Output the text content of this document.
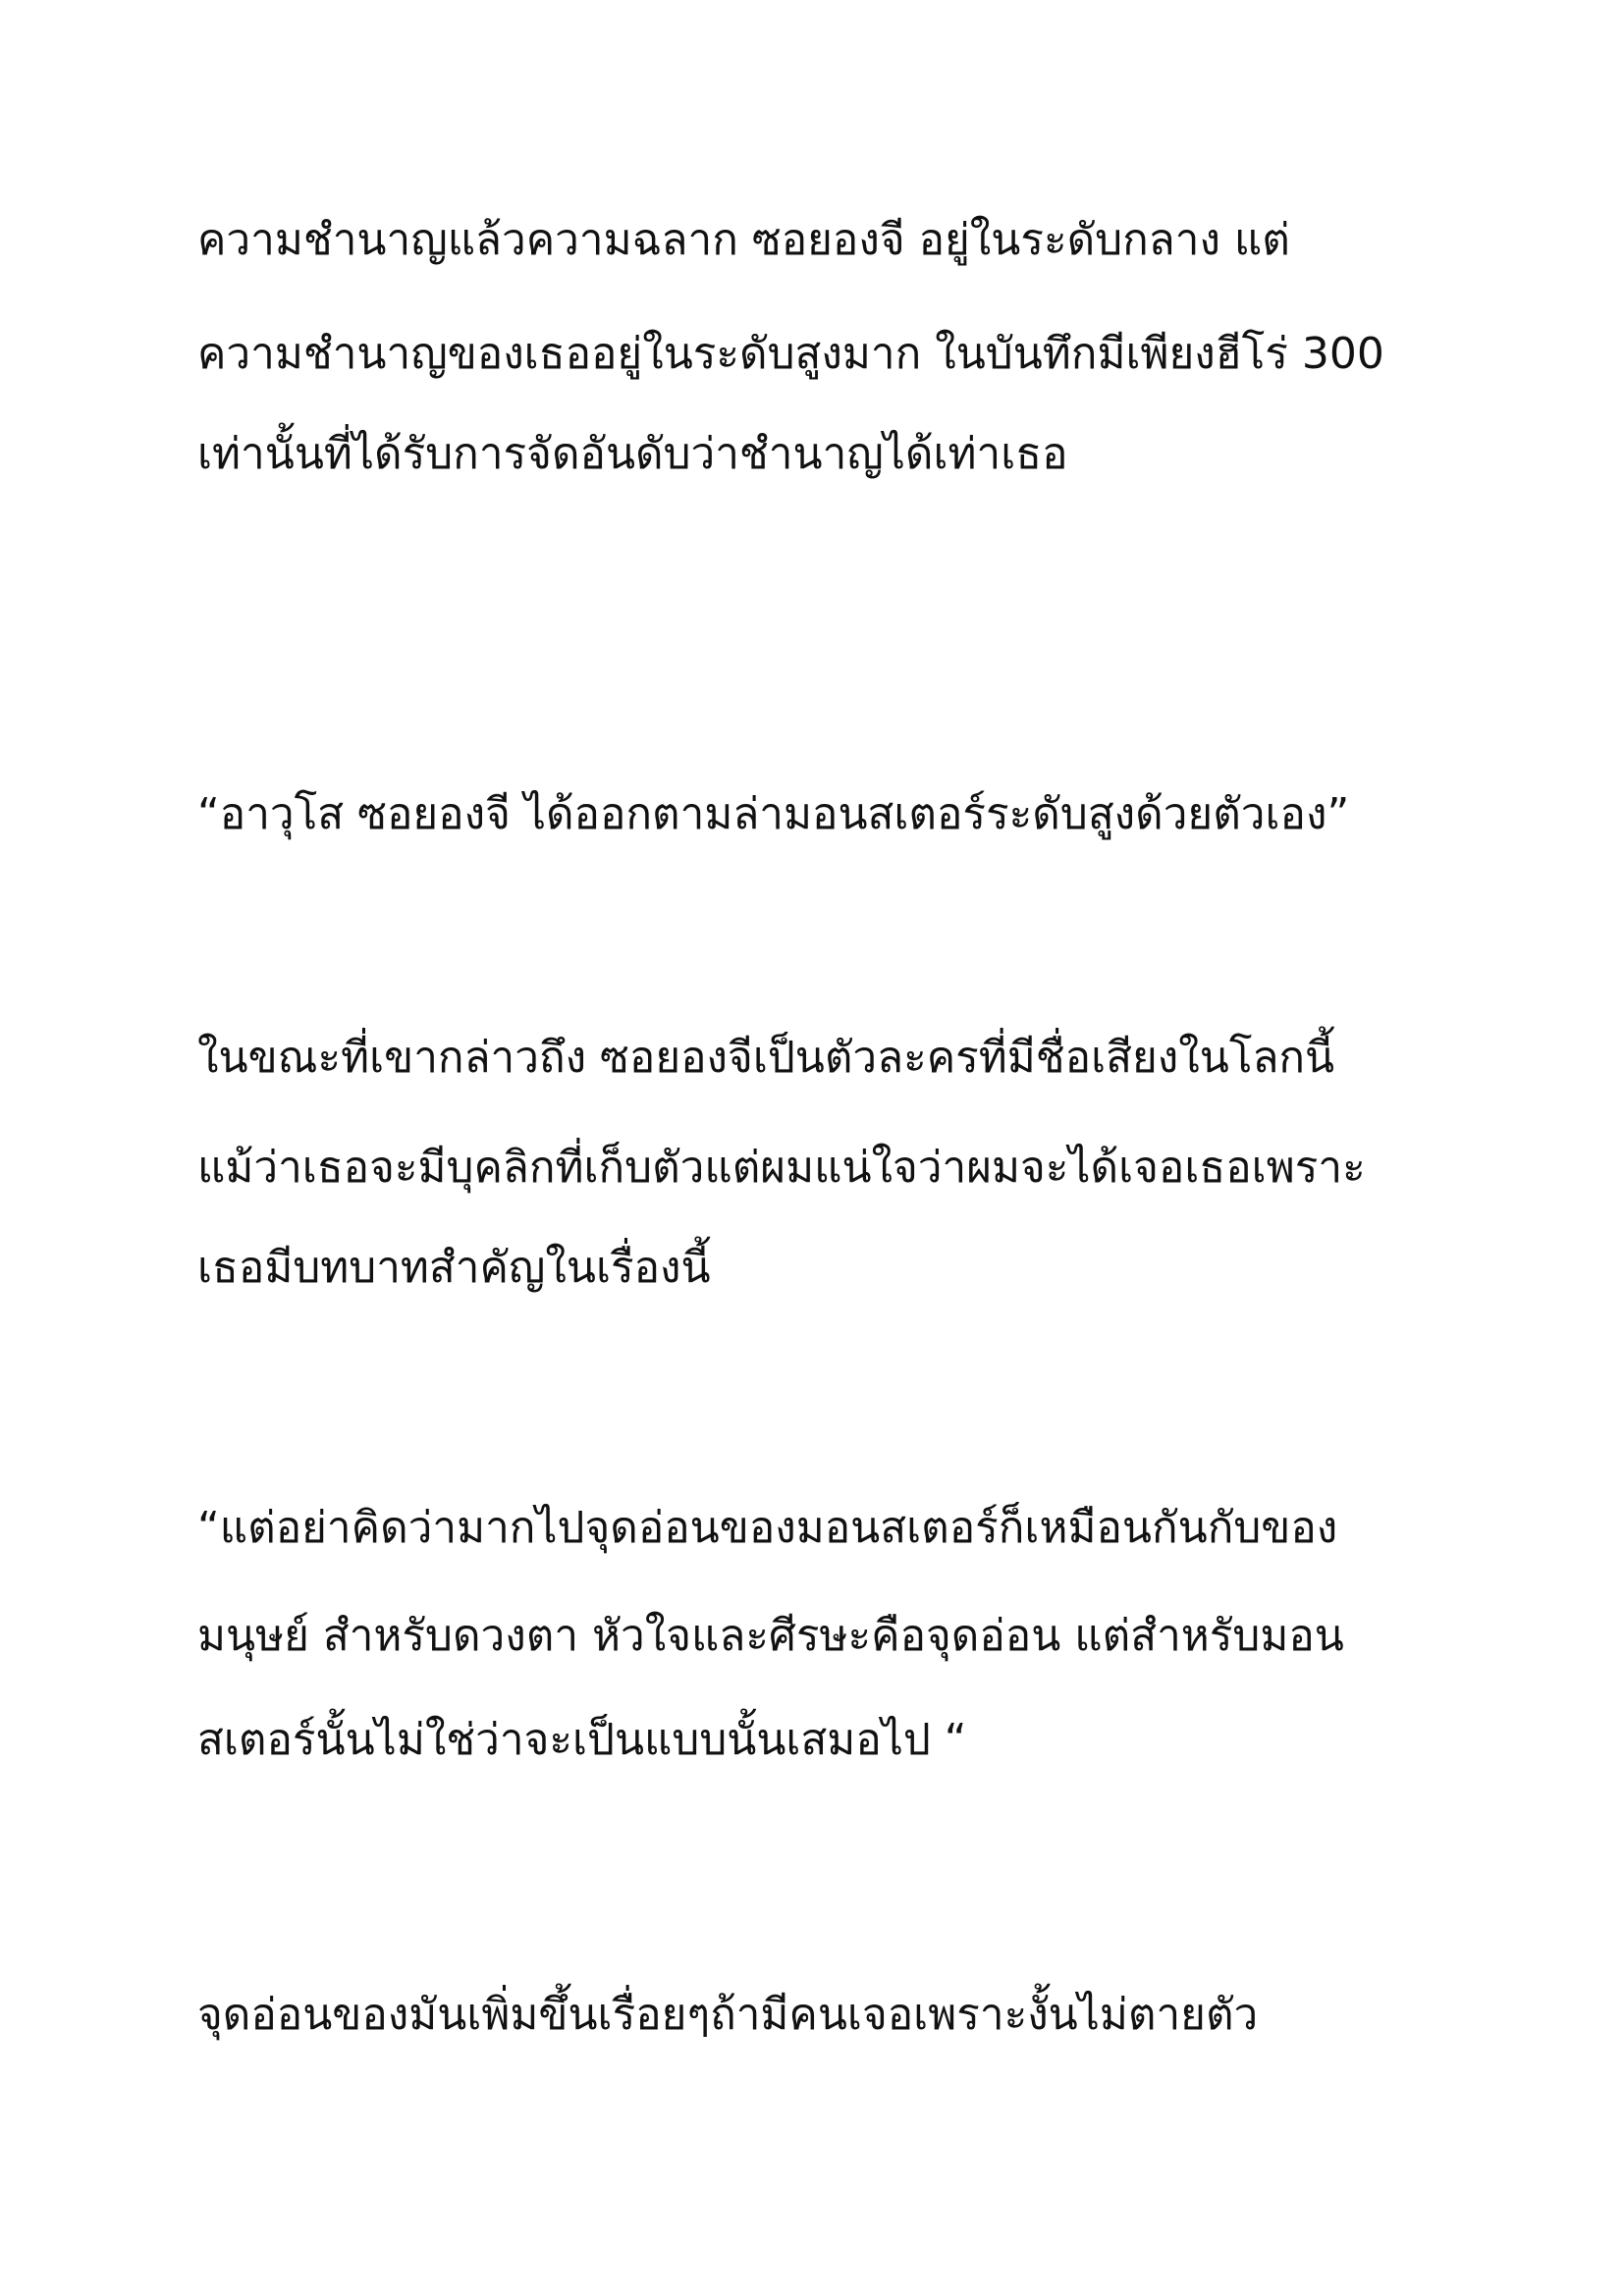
ความชำนาญแล้วความฉลาก ซอยองจี อยู่ในระดับกลาง แต่

ความชำนาญของเธออยู่ในระดับสูงมาก ในบันทึกมีเพียงฮีโร่ 300

เท่านั้นที่ได้รับการจัดอันดับว่าชำนาญได้เท่าเธอ

“อาวุโส ซอยองจี ได้ออกตามล่ามอนสเตอร์ระดับสูงด้วยตัวเอง”

ในขณะที่เขากล่าวถึง ซอยองจีเป็นตัวละครที่มีชื่อเสียงในโลกนี้

แม้ว่าเธอจะมีบุคลิกที่เก็บตัวแต่ผมแน่ใจว่าผมจะได้เจอเธอเพราะ

เธอมีบทบาทสำคัญในเรื่องนี้

“แต่อย่าคิดว่ามากไปจุดอ่อนของมอนสเตอร์ก็เหมือนกันกับของ

มนุษย์ สำหรับดวงตา หัวใจและศีรษะคือจุดอ่อน แต่สำหรับมอน

สเตอร์นั้นไม่ใช่ว่าจะเป็นแบบนั้นเสมอไป “

จุดอ่อนของมันเพิ่มขึ้นเรื่อยๆถ้ามีคนเจอเพราะงั้นไม่ตายตัว
